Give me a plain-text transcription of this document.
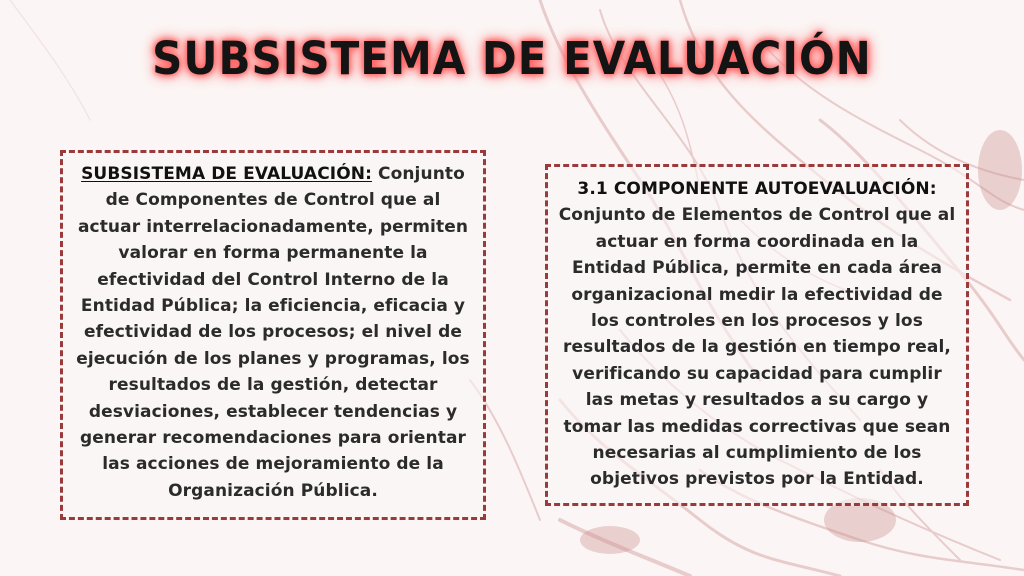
SUBSISTEMA DE EVALUACIÓN
SUBSISTEMA DE EVALUACIÓN: Conjunto de Componentes de Control que al actuar interrelacionadamente, permiten valorar en forma permanente la efectividad del Control Interno de la Entidad Pública; la eficiencia, eficacia y efectividad de los procesos; el nivel de ejecución de los planes y programas, los resultados de la gestión, detectar desviaciones, establecer tendencias y generar recomendaciones para orientar las acciones de mejoramiento de la Organización Pública.
3.1 COMPONENTE AUTOEVALUACIÓN: Conjunto de Elementos de Control que al actuar en forma coordinada en la Entidad Pública, permite en cada área organizacional medir la efectividad de los controles en los procesos y los resultados de la gestión en tiempo real, verificando su capacidad para cumplir las metas y resultados a su cargo y tomar las medidas correctivas que sean necesarias al cumplimiento de los objetivos previstos por la Entidad.
